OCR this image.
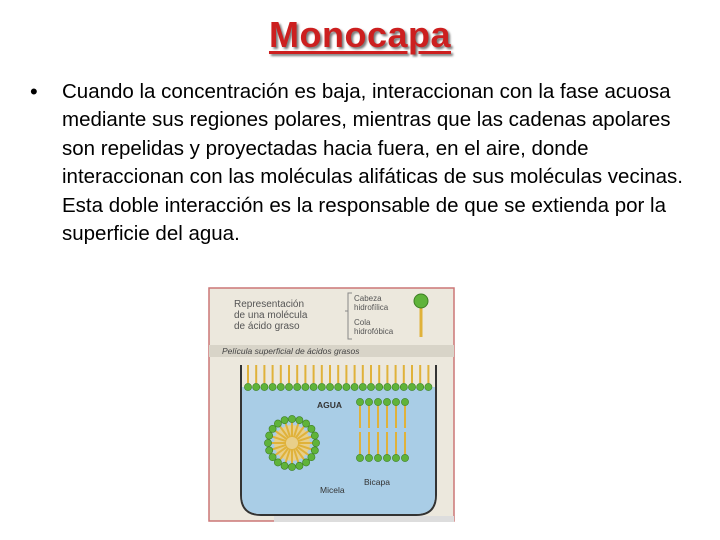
Monocapa
• Cuando la concentración es baja, interaccionan con la fase acuosa mediante sus regiones polares, mientras que las cadenas apolares son repelidas y proyectadas hacia fuera, en el aire, donde interaccionan con las moléculas alifáticas de sus moléculas vecinas. Esta doble interacción es la responsable de que se extienda por la superficie del agua.
Representación
de una molécula
de ácido graso
Cabeza
hidrofílica
Cola
hidrofóbica
Película superficial de ácidos grasos
AGUA
Bicapa
Micela
